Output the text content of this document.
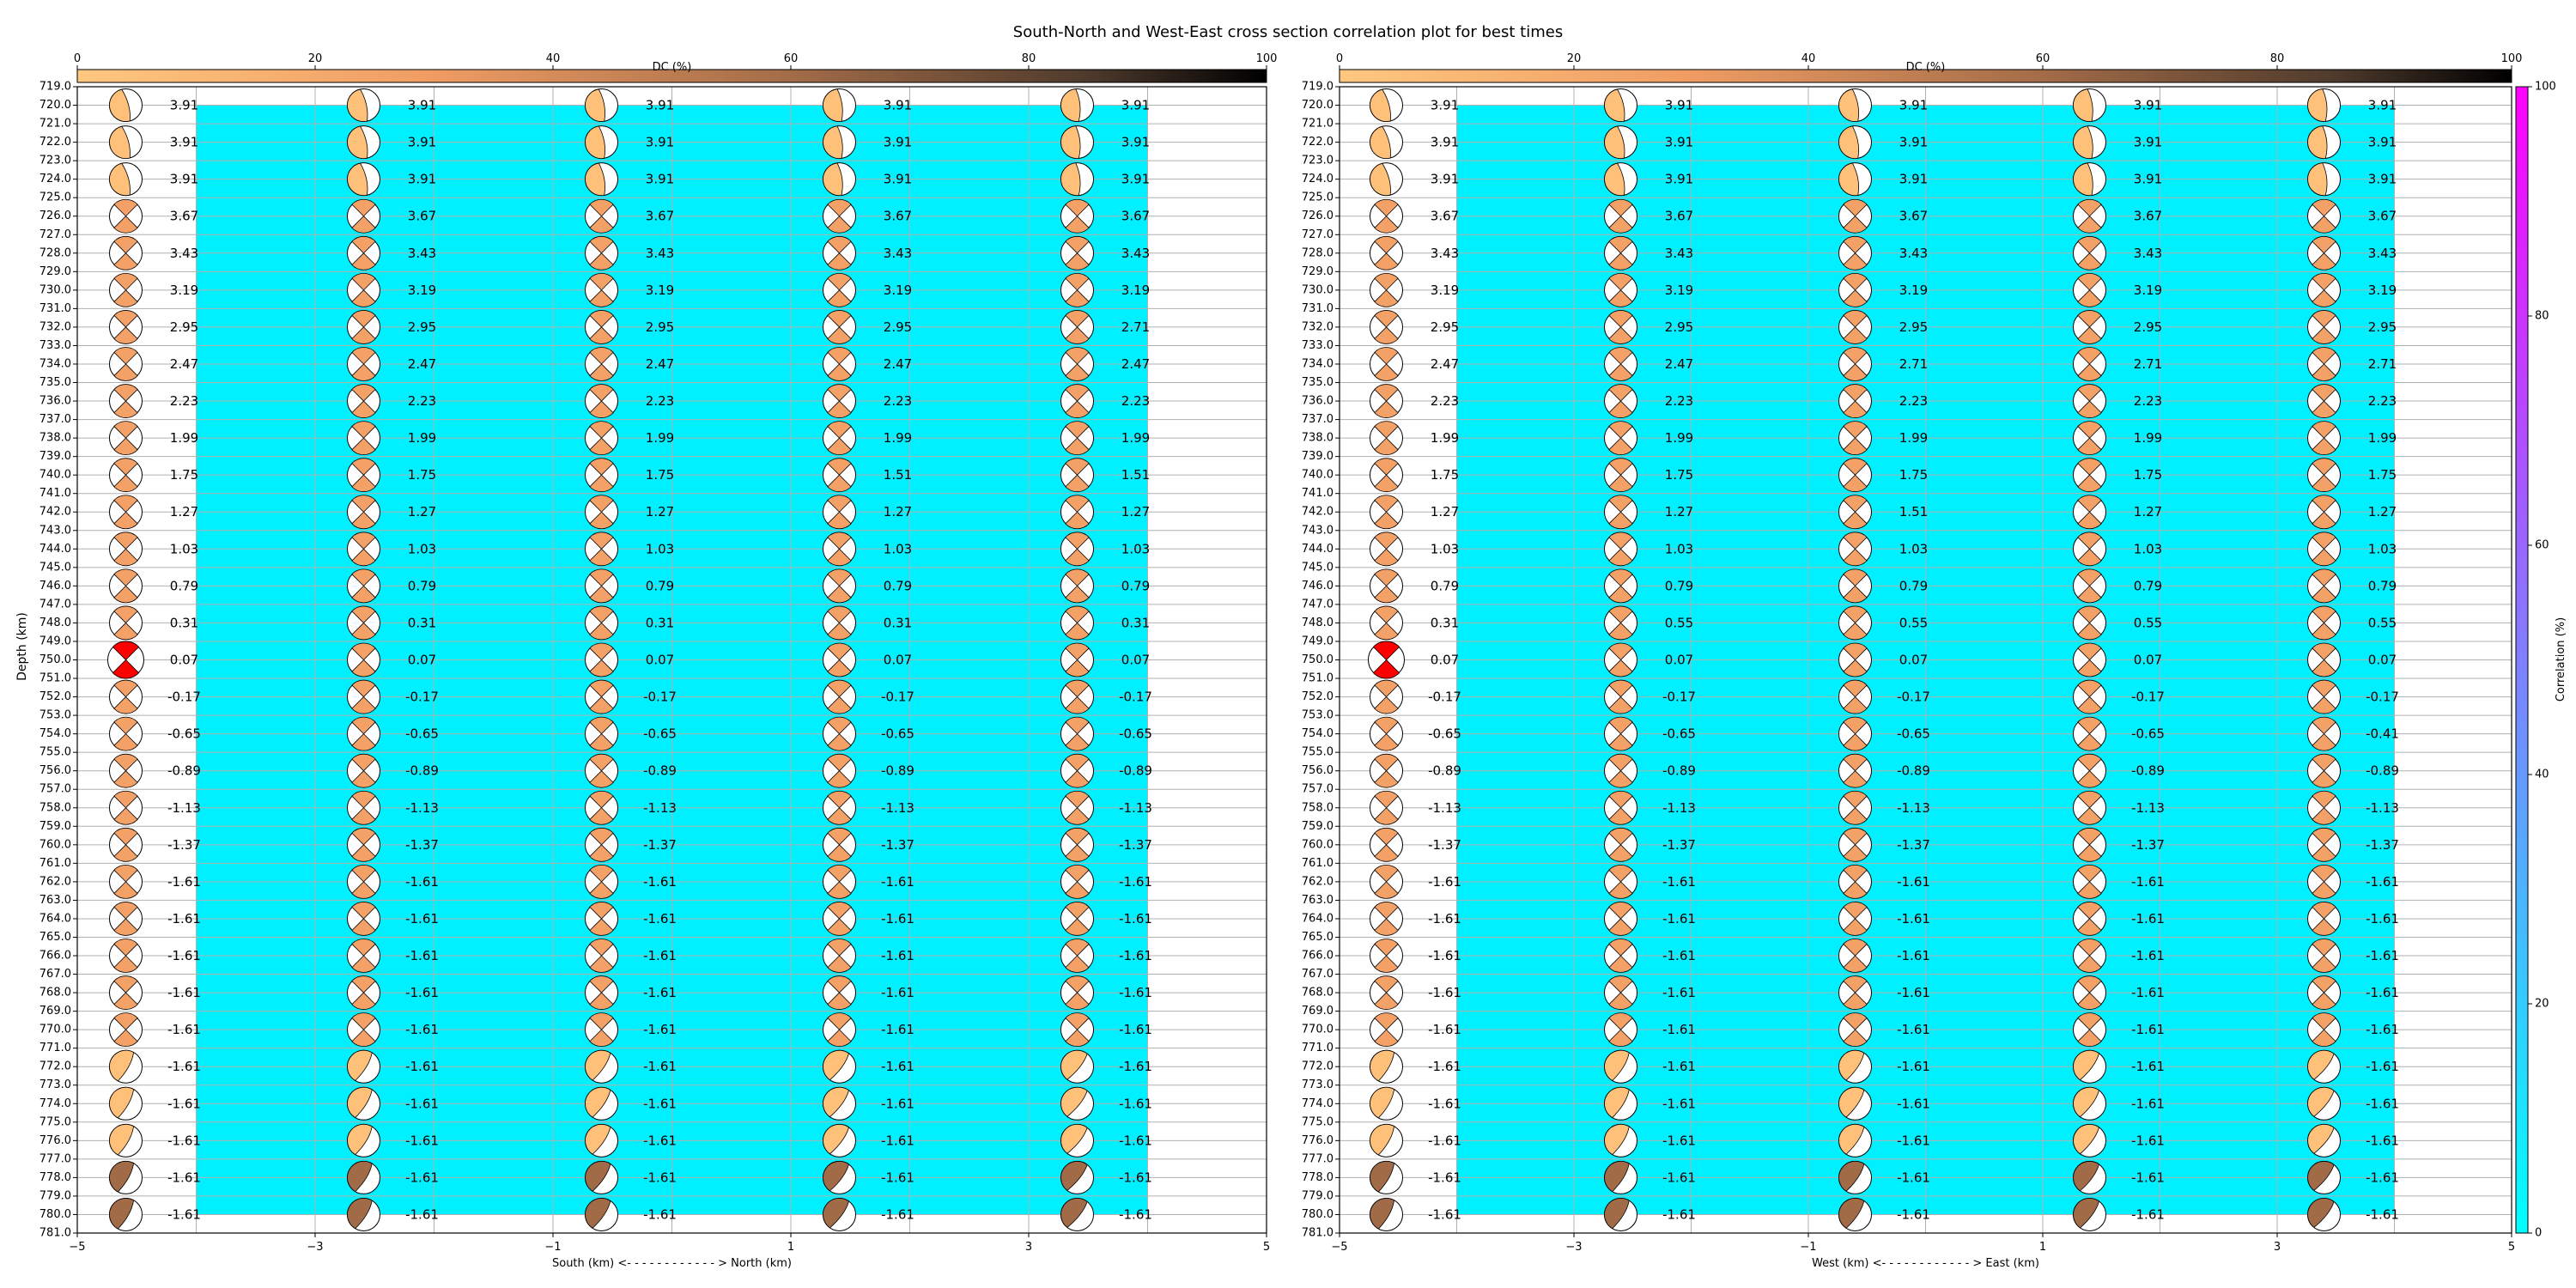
South-North and West-East cross section correlation plot for best times
0	20	40	60	80	100
DC (%)
719.0
720.0
721.0
722.0
723.0
724.0
725.0
726.0
727.0
728.0
729.0
730.0
731.0
732.0
733.0
734.0
735.0
736.0
737.0
738.0
739.0
740.0
741.0
742.0
743.0
744.0
745.0
746.0
747.0
748.0
749.0
750.0
751.0
752.0
753.0
754.0
755.0
756.0
757.0
758.0
759.0
760.0
761.0
762.0
763.0
764.0
765.0
766.0
767.0
768.0
769.0
770.0
771.0
772.0
773.0
774.0
775.0
776.0
777.0
778.0
779.0
780.0
781.0
−5	−3	−1	1	3	5
South (km) <- - - - - - - - - - - - > North (km)
3.91	3.91	3.91	3.91	3.91
3.91	3.91	3.91	3.91	3.91
3.91	3.91	3.91	3.91	3.91
3.67	3.67	3.67	3.67	3.67
3.43	3.43	3.43	3.43	3.43
3.19	3.19	3.19	3.19	3.19
2.95	2.95	2.95	2.95	2.71
2.47	2.47	2.47	2.47	2.47
2.23	2.23	2.23	2.23	2.23
1.99	1.99	1.99	1.99	1.99
1.75	1.75	1.75	1.51	1.51
1.27	1.27	1.27	1.27	1.27
1.03	1.03	1.03	1.03	1.03
0.79	0.79	0.79	0.79	0.79
0.31	0.31	0.31	0.31	0.31
0.07	0.07	0.07	0.07	0.07
-0.17	-0.17	-0.17	-0.17	-0.17
-0.65	-0.65	-0.65	-0.65	-0.65
-0.89	-0.89	-0.89	-0.89	-0.89
-1.13	-1.13	-1.13	-1.13	-1.13
-1.37	-1.37	-1.37	-1.37	-1.37
-1.61	-1.61	-1.61	-1.61	-1.61
-1.61	-1.61	-1.61	-1.61	-1.61
-1.61	-1.61	-1.61	-1.61	-1.61
-1.61	-1.61	-1.61	-1.61	-1.61
-1.61	-1.61	-1.61	-1.61	-1.61
-1.61	-1.61	-1.61	-1.61	-1.61
-1.61	-1.61	-1.61	-1.61	-1.61
-1.61	-1.61	-1.61	-1.61	-1.61
-1.61	-1.61	-1.61	-1.61	-1.61
-1.61	-1.61	-1.61	-1.61	-1.61
0	20	40	60	80	100
DC (%)
719.0
720.0
721.0
722.0
723.0
724.0
725.0
726.0
727.0
728.0
729.0
730.0
731.0
732.0
733.0
734.0
735.0
736.0
737.0
738.0
739.0
740.0
741.0
742.0
743.0
744.0
745.0
746.0
747.0
748.0
749.0
750.0
751.0
752.0
753.0
754.0
755.0
756.0
757.0
758.0
759.0
760.0
761.0
762.0
763.0
764.0
765.0
766.0
767.0
768.0
769.0
770.0
771.0
772.0
773.0
774.0
775.0
776.0
777.0
778.0
779.0
780.0
781.0
−5	−3	−1	1	3	5
West (km) <- - - - - - - - - - - - > East (km)
3.91	3.91	3.91	3.91	3.91
3.91	3.91	3.91	3.91	3.91
3.91	3.91	3.91	3.91	3.91
3.67	3.67	3.67	3.67	3.67
3.43	3.43	3.43	3.43	3.43
3.19	3.19	3.19	3.19	3.19
2.95	2.95	2.95	2.95	2.95
2.47	2.47	2.71	2.71	2.71
2.23	2.23	2.23	2.23	2.23
1.99	1.99	1.99	1.99	1.99
1.75	1.75	1.75	1.75	1.75
1.27	1.27	1.51	1.27	1.27
1.03	1.03	1.03	1.03	1.03
0.79	0.79	0.79	0.79	0.79
0.31	0.55	0.55	0.55	0.55
0.07	0.07	0.07	0.07	0.07
-0.17	-0.17	-0.17	-0.17	-0.17
-0.65	-0.65	-0.65	-0.65	-0.41
-0.89	-0.89	-0.89	-0.89	-0.89
-1.13	-1.13	-1.13	-1.13	-1.13
-1.37	-1.37	-1.37	-1.37	-1.37
-1.61	-1.61	-1.61	-1.61	-1.61
-1.61	-1.61	-1.61	-1.61	-1.61
-1.61	-1.61	-1.61	-1.61	-1.61
-1.61	-1.61	-1.61	-1.61	-1.61
-1.61	-1.61	-1.61	-1.61	-1.61
-1.61	-1.61	-1.61	-1.61	-1.61
-1.61	-1.61	-1.61	-1.61	-1.61
-1.61	-1.61	-1.61	-1.61	-1.61
-1.61	-1.61	-1.61	-1.61	-1.61
-1.61	-1.61	-1.61	-1.61	-1.61
Depth (km)
0
20
40
60
80
100
Correlation (%)
